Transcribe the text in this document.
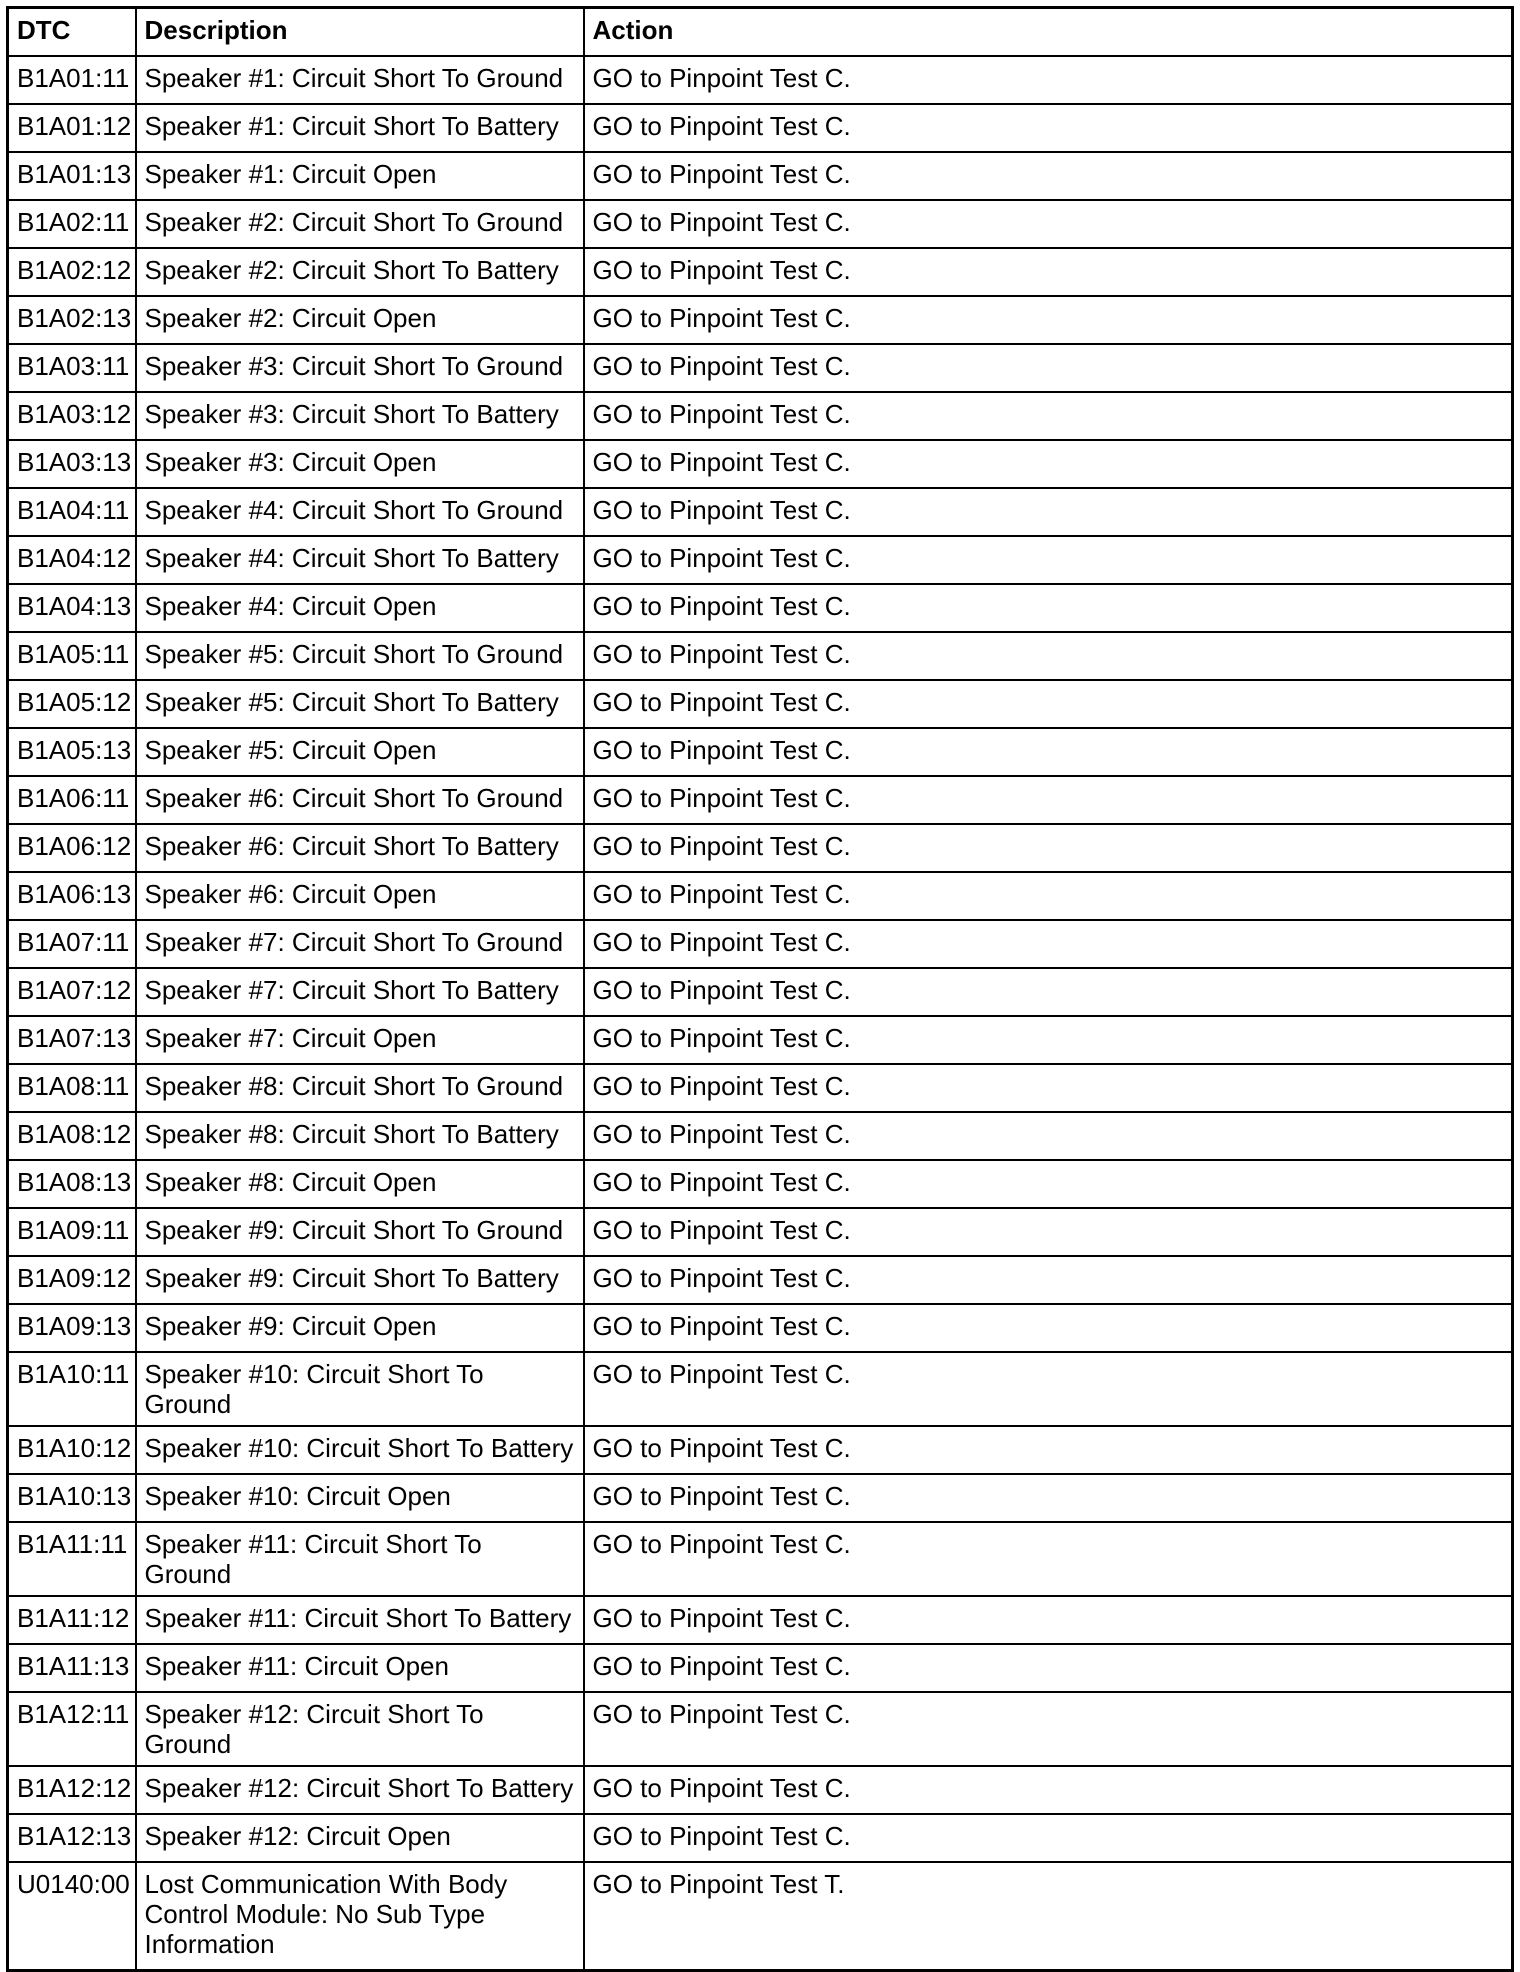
DTC	Description	Action
B1A01:11	Speaker #1: Circuit Short To Ground	GO to Pinpoint Test C.
B1A01:12	Speaker #1: Circuit Short To Battery	GO to Pinpoint Test C.
B1A01:13	Speaker #1: Circuit Open	GO to Pinpoint Test C.
B1A02:11	Speaker #2: Circuit Short To Ground	GO to Pinpoint Test C.
B1A02:12	Speaker #2: Circuit Short To Battery	GO to Pinpoint Test C.
B1A02:13	Speaker #2: Circuit Open	GO to Pinpoint Test C.
B1A03:11	Speaker #3: Circuit Short To Ground	GO to Pinpoint Test C.
B1A03:12	Speaker #3: Circuit Short To Battery	GO to Pinpoint Test C.
B1A03:13	Speaker #3: Circuit Open	GO to Pinpoint Test C.
B1A04:11	Speaker #4: Circuit Short To Ground	GO to Pinpoint Test C.
B1A04:12	Speaker #4: Circuit Short To Battery	GO to Pinpoint Test C.
B1A04:13	Speaker #4: Circuit Open	GO to Pinpoint Test C.
B1A05:11	Speaker #5: Circuit Short To Ground	GO to Pinpoint Test C.
B1A05:12	Speaker #5: Circuit Short To Battery	GO to Pinpoint Test C.
B1A05:13	Speaker #5: Circuit Open	GO to Pinpoint Test C.
B1A06:11	Speaker #6: Circuit Short To Ground	GO to Pinpoint Test C.
B1A06:12	Speaker #6: Circuit Short To Battery	GO to Pinpoint Test C.
B1A06:13	Speaker #6: Circuit Open	GO to Pinpoint Test C.
B1A07:11	Speaker #7: Circuit Short To Ground	GO to Pinpoint Test C.
B1A07:12	Speaker #7: Circuit Short To Battery	GO to Pinpoint Test C.
B1A07:13	Speaker #7: Circuit Open	GO to Pinpoint Test C.
B1A08:11	Speaker #8: Circuit Short To Ground	GO to Pinpoint Test C.
B1A08:12	Speaker #8: Circuit Short To Battery	GO to Pinpoint Test C.
B1A08:13	Speaker #8: Circuit Open	GO to Pinpoint Test C.
B1A09:11	Speaker #9: Circuit Short To Ground	GO to Pinpoint Test C.
B1A09:12	Speaker #9: Circuit Short To Battery	GO to Pinpoint Test C.
B1A09:13	Speaker #9: Circuit Open	GO to Pinpoint Test C.
B1A10:11	Speaker #10: Circuit Short To Ground	GO to Pinpoint Test C.
B1A10:12	Speaker #10: Circuit Short To Battery	GO to Pinpoint Test C.
B1A10:13	Speaker #10: Circuit Open	GO to Pinpoint Test C.
B1A11:11	Speaker #11: Circuit Short To Ground	GO to Pinpoint Test C.
B1A11:12	Speaker #11: Circuit Short To Battery	GO to Pinpoint Test C.
B1A11:13	Speaker #11: Circuit Open	GO to Pinpoint Test C.
B1A12:11	Speaker #12: Circuit Short To Ground	GO to Pinpoint Test C.
B1A12:12	Speaker #12: Circuit Short To Battery	GO to Pinpoint Test C.
B1A12:13	Speaker #12: Circuit Open	GO to Pinpoint Test C.
U0140:00	Lost Communication With Body Control Module: No Sub Type Information	GO to Pinpoint Test T.
